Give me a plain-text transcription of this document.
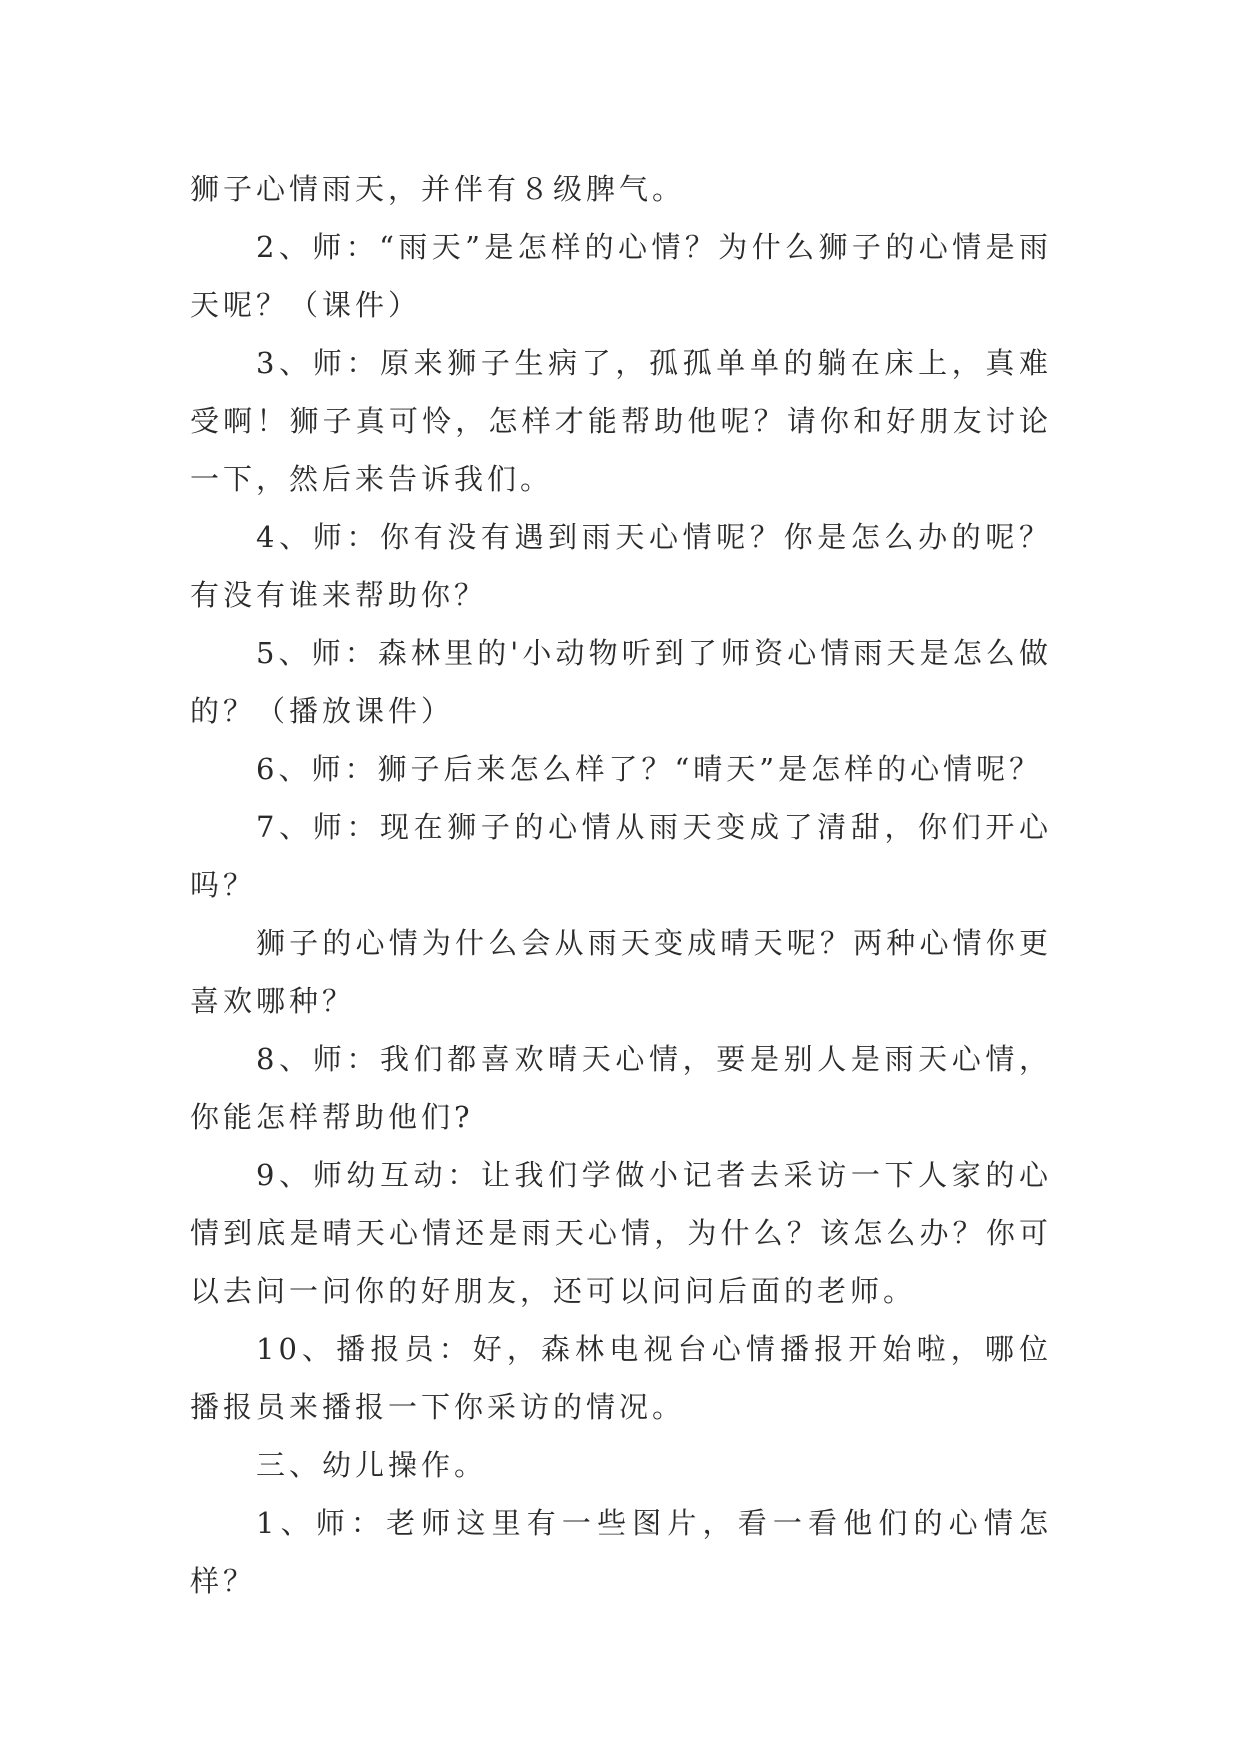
狮子心情雨天，并伴有８级脾气。

2、师：“雨天”是怎样的心情？为什么狮子的心情是雨天呢？（课件）

3、师：原来狮子生病了，孤孤单单的躺在床上，真难受啊！狮子真可怜，怎样才能帮助他呢？请你和好朋友讨论一下，然后来告诉我们。

4、师：你有没有遇到雨天心情呢？你是怎么办的呢？有没有谁来帮助你？

5、师：森林里的'小动物听到了师资心情雨天是怎么做的？（播放课件）

6、师：狮子后来怎么样了？“晴天”是怎样的心情呢？

7、师：现在狮子的心情从雨天变成了清甜，你们开心吗？

狮子的心情为什么会从雨天变成晴天呢？两种心情你更喜欢哪种？

8、师：我们都喜欢晴天心情，要是别人是雨天心情，你能怎样帮助他们?

9、师幼互动：让我们学做小记者去采访一下人家的心情到底是晴天心情还是雨天心情，为什么？该怎么办？你可以去问一问你的好朋友，还可以问问后面的老师。

10、播报员：好，森林电视台心情播报开始啦，哪位播报员来播报一下你采访的情况。

三、幼儿操作。

1、师：老师这里有一些图片，看一看他们的心情怎样？
